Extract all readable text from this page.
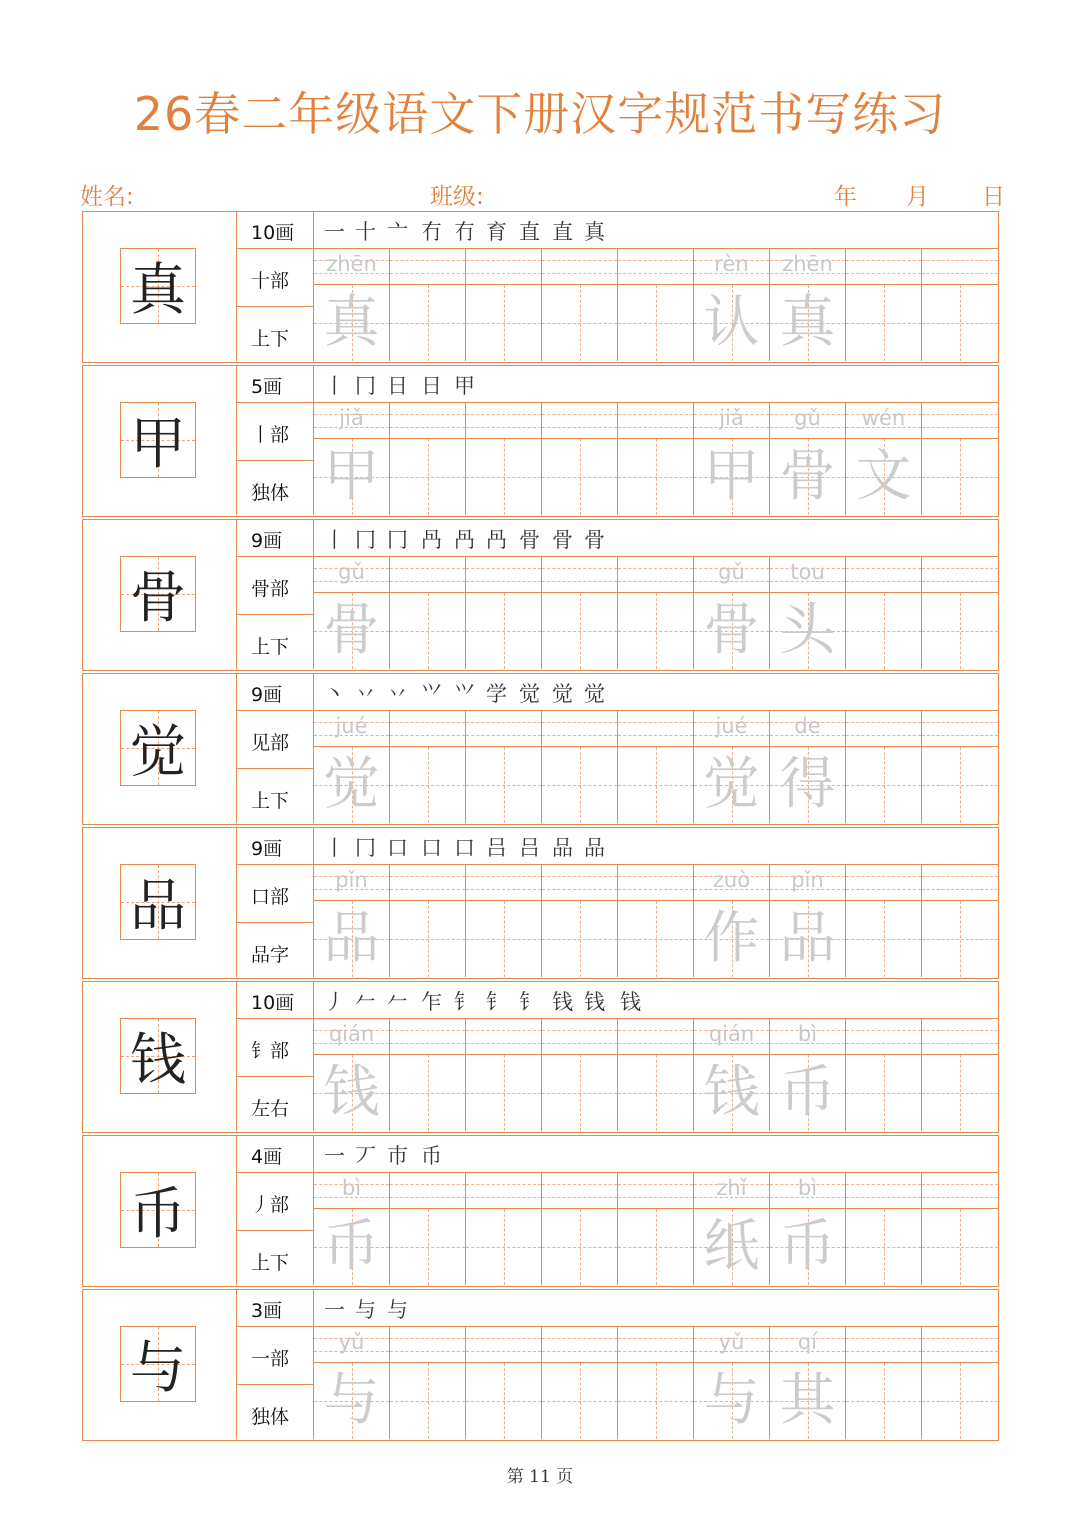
26春二年级语文下册汉字规范书写练习
姓名:	班级:	年 月 日
真
10画
十部
上下
一 十 亠 冇 冇 育 直 直 真
zhēn
真
rèn
认
zhēn
真
甲
5画
丨部
独体
丨 冂 日 日 甲
jiǎ
甲
jiǎ
甲
gǔ
骨
wén
文
骨
9画
骨部
上下
丨 冂 冂 冎 冎 冎 骨 骨 骨
gǔ
骨
gǔ
骨
tou
头
觉
9画
见部
上下
丶 丷 丷 ⺍ ⺍ 学 觉 觉 觉
jué
觉
jué
觉
de
得
品
9画
口部
品字
丨 冂 口 口 口 吕 吕 品 品
pǐn
品
zuò
作
pǐn
品
钱
10画
钅部
左右
丿 𠂉 𠂉 乍 钅 钅 钅 钱 钱 钱
qián
钱
qián
钱
bì
币
币
4画
丿部
上下
一 丆 巿 币
bì
币
zhǐ
纸
bì
币
与
3画
一部
独体
一 与 与
yǔ
与
yǔ
与
qí
其
第 11 页
